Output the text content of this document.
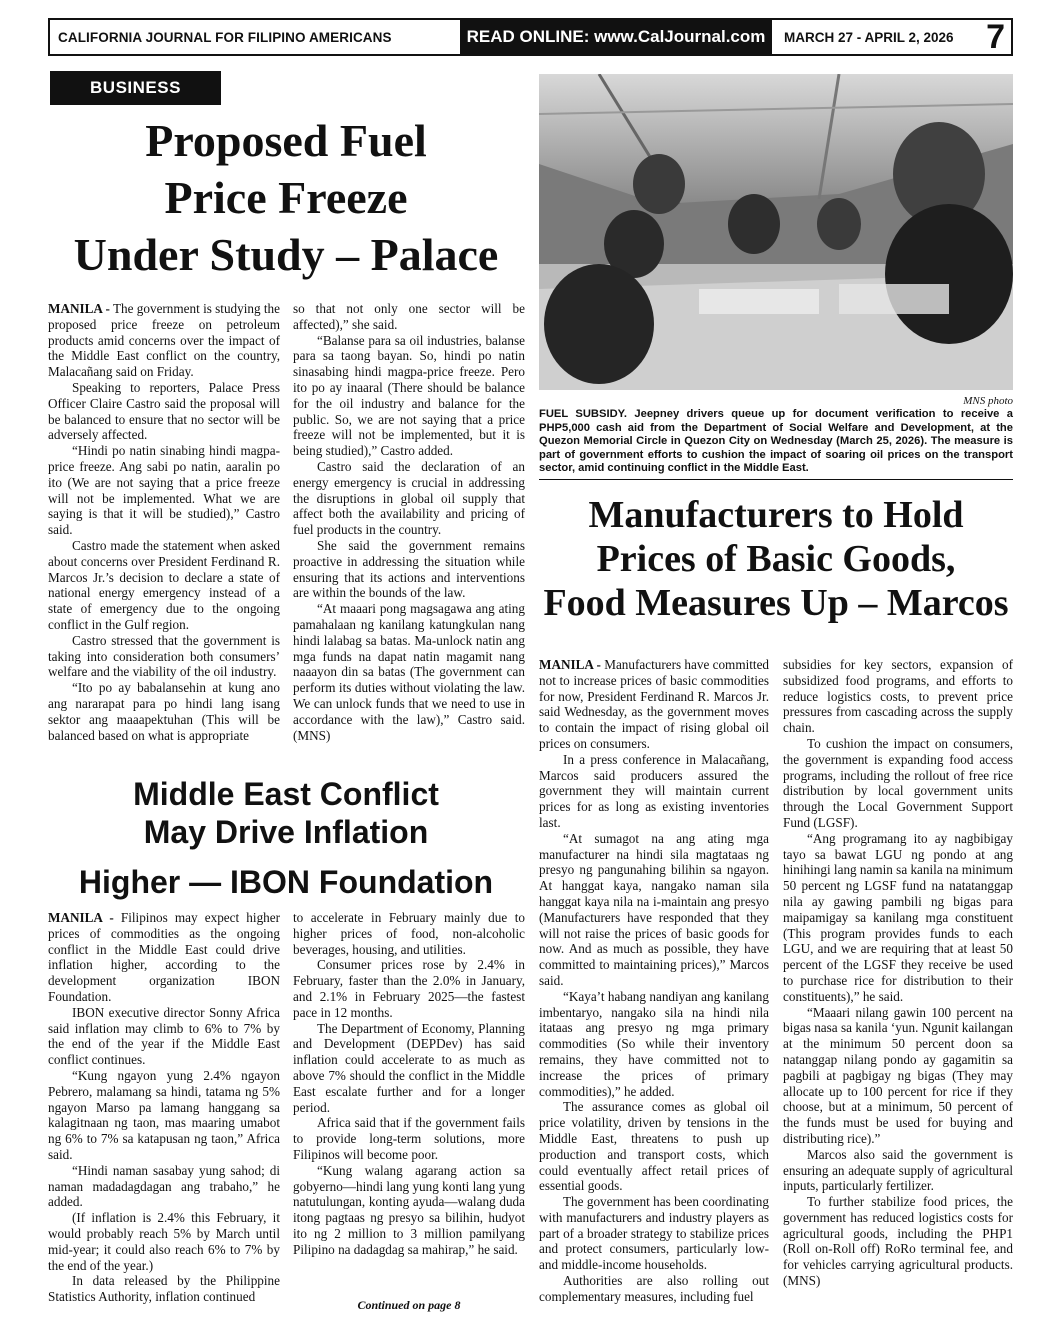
CALIFORNIA JOURNAL FOR FILIPINO AMERICANS	READ ONLINE: www.CalJournal.com	MARCH 27 - APRIL 2, 2026 7
BUSINESS
Proposed Fuel
Price Freeze
Under Study – Palace

MANILA - The government is studying the proposed price freeze on petroleum products amid concerns over the impact of the Middle East conflict on the country, Malacañang said on Friday.

Speaking to reporters, Palace Press Officer Claire Castro said the proposal will be balanced to ensure that no sector will be adversely affected.

“Hindi po natin sinabing hindi magpa-price freeze. Ang sabi po natin, aaralin po ito (We are not saying that a price freeze will not be implemented. What we are saying is that it will be studied),” Castro said.

Castro made the statement when asked about concerns over President Ferdinand R. Marcos Jr.’s decision to declare a state of national energy emergency instead of a state of emergency due to the ongoing conflict in the Gulf region.

Castro stressed that the government is taking into consideration both consumers’ welfare and the viability of the oil industry.

“Ito po ay babalansehin at kung ano ang nararapat para po hindi lang isang sektor ang maaapektuhan (This will be balanced based on what is appropriate

so that not only one sector will be affected),” she said.

“Balanse para sa oil industries, balanse para sa taong bayan. So, hindi po natin sinasabing hindi magpa-price freeze. Pero ito po ay inaaral (There should be balance for the oil industry and balance for the public. So, we are not saying that a price freeze will not be implemented, but it is being studied),” Castro added.

Castro said the declaration of an energy emergency is crucial in addressing the disruptions in global oil supply that affect both the availability and pricing of fuel products in the country.

She said the government remains proactive in addressing the situation while ensuring that its actions and interventions are within the bounds of the law.

“At maaari pong magsagawa ang ating pamahalaan ng kanilang katungkulan nang hindi lalabag sa batas. Ma-unlock natin ang mga funds na dapat natin magamit nang naaayon din sa batas (The government can perform its duties without violating the law. We can unlock funds that we need to use in accordance with the law),” Castro said. (MNS)

MNS photo
FUEL SUBSIDY. Jeepney drivers queue up for document verification to receive a PHP5,000 cash aid from the Department of Social Welfare and Development, at the Quezon Memorial Circle in Quezon City on Wednesday (March 25, 2026). The measure is part of government efforts to cushion the impact of soaring oil prices on the transport sector, amid continuing conflict in the Middle East.
Manufacturers to Hold
Prices of Basic Goods,
Food Measures Up – Marcos

MANILA - Manufacturers have committed not to increase prices of basic commodities for now, President Ferdinand R. Marcos Jr. said Wednesday, as the government moves to contain the impact of rising global oil prices on consumers.

In a press conference in Malacañang, Marcos said producers assured the government they will maintain current prices for as long as existing inventories last.

“At sumagot na ang ating mga manufacturer na hindi sila magtataas ng presyo ng pangunahing bilihin sa ngayon. At hanggat kaya, nangako naman sila hanggat kaya nila na i-maintain ang presyo (Manufacturers have responded that they will not raise the prices of basic goods for now. And as much as possible, they have committed to maintaining prices),” Marcos said.

“Kaya’t habang nandiyan ang kanilang imbentaryo, nangako sila na hindi nila itataas ang presyo ng mga primary commodities (So while their inventory remains, they have committed not to increase the prices of primary commodities),” he added.

The assurance comes as global oil price volatility, driven by tensions in the Middle East, threatens to push up production and transport costs, which could eventually affect retail prices of essential goods.

The government has been coordinating with manufacturers and industry players as part of a broader strategy to stabilize prices and protect consumers, particularly low- and middle-income households.

Authorities are also rolling out complementary measures, including fuel

subsidies for key sectors, expansion of subsidized food programs, and efforts to reduce logistics costs, to prevent price pressures from cascading across the supply chain.

To cushion the impact on consumers, the government is expanding food access programs, including the rollout of free rice distribution by local government units through the Local Government Support Fund (LGSF).

“Ang programang ito ay nagbibigay tayo sa bawat LGU ng pondo at ang hinihingi lang namin sa kanila na minimum 50 percent ng LGSF fund na natatanggap nila ay gawing pambili ng bigas para maipamigay sa kanilang mga constituent (This program provides funds to each LGU, and we are requiring that at least 50 percent of the LGSF they receive be used to purchase rice for distribution to their constituents),” he said.

“Maaari nilang gawin 100 percent na bigas nasa sa kanila ‘yun. Ngunit kailangan at the minimum 50 percent doon sa natanggap nilang pondo ay gagamitin sa pagbili at pagbigay ng bigas (They may allocate up to 100 percent for rice if they choose, but at a minimum, 50 percent of the funds must be used for buying and distributing rice).”

Marcos also said the government is ensuring an adequate supply of agricultural inputs, particularly fertilizer.

To further stabilize food prices, the government has reduced logistics costs for agricultural goods, including the PHP1 (Roll on-Roll off) RoRo terminal fee, and for vehicles carrying agricultural products. (MNS)

Middle East Conflict
May Drive Inflation
Higher — IBON Foundation

MANILA - Filipinos may expect higher prices of commodities as the ongoing conflict in the Middle East could drive inflation higher, according to the development organization IBON Foundation.

IBON executive director Sonny Africa said inflation may climb to 6% to 7% by the end of the year if the Middle East conflict continues.

“Kung ngayon yung 2.4% ngayon Pebrero, malamang sa hindi, tatama ng 5% ngayon Marso pa lamang hanggang sa kalagitnaan ng taon, mas maaring umabot ng 6% to 7% sa katapusan ng taon,” Africa said.

“Hindi naman sasabay yung sahod; di naman madadagdagan ang trabaho,” he added.

(If inflation is 2.4% this February, it would probably reach 5% by March until mid-year; it could also reach 6% to 7% by the end of the year.)

In data released by the Philippine Statistics Authority, inflation continued

to accelerate in February mainly due to higher prices of food, non-alcoholic beverages, housing, and utilities.

Consumer prices rose by 2.4% in February, faster than the 2.0% in January, and 2.1% in February 2025—the fastest pace in 12 months.

The Department of Economy, Planning and Development (DEPDev) has said inflation could accelerate to as much as above 7% should the conflict in the Middle East escalate further and for a longer period.

Africa said that if the government fails to provide long-term solutions, more Filipinos will become poor.

“Kung walang agarang action sa gobyerno—hindi lang yung konti lang yung natutulungan, konting ayuda—walang duda itong pagtaas ng presyo sa bilihin, hudyot ito ng 2 million to 3 million pamilyang Pilipino na dadagdag sa mahirap,” he said.

Continued on page 8
